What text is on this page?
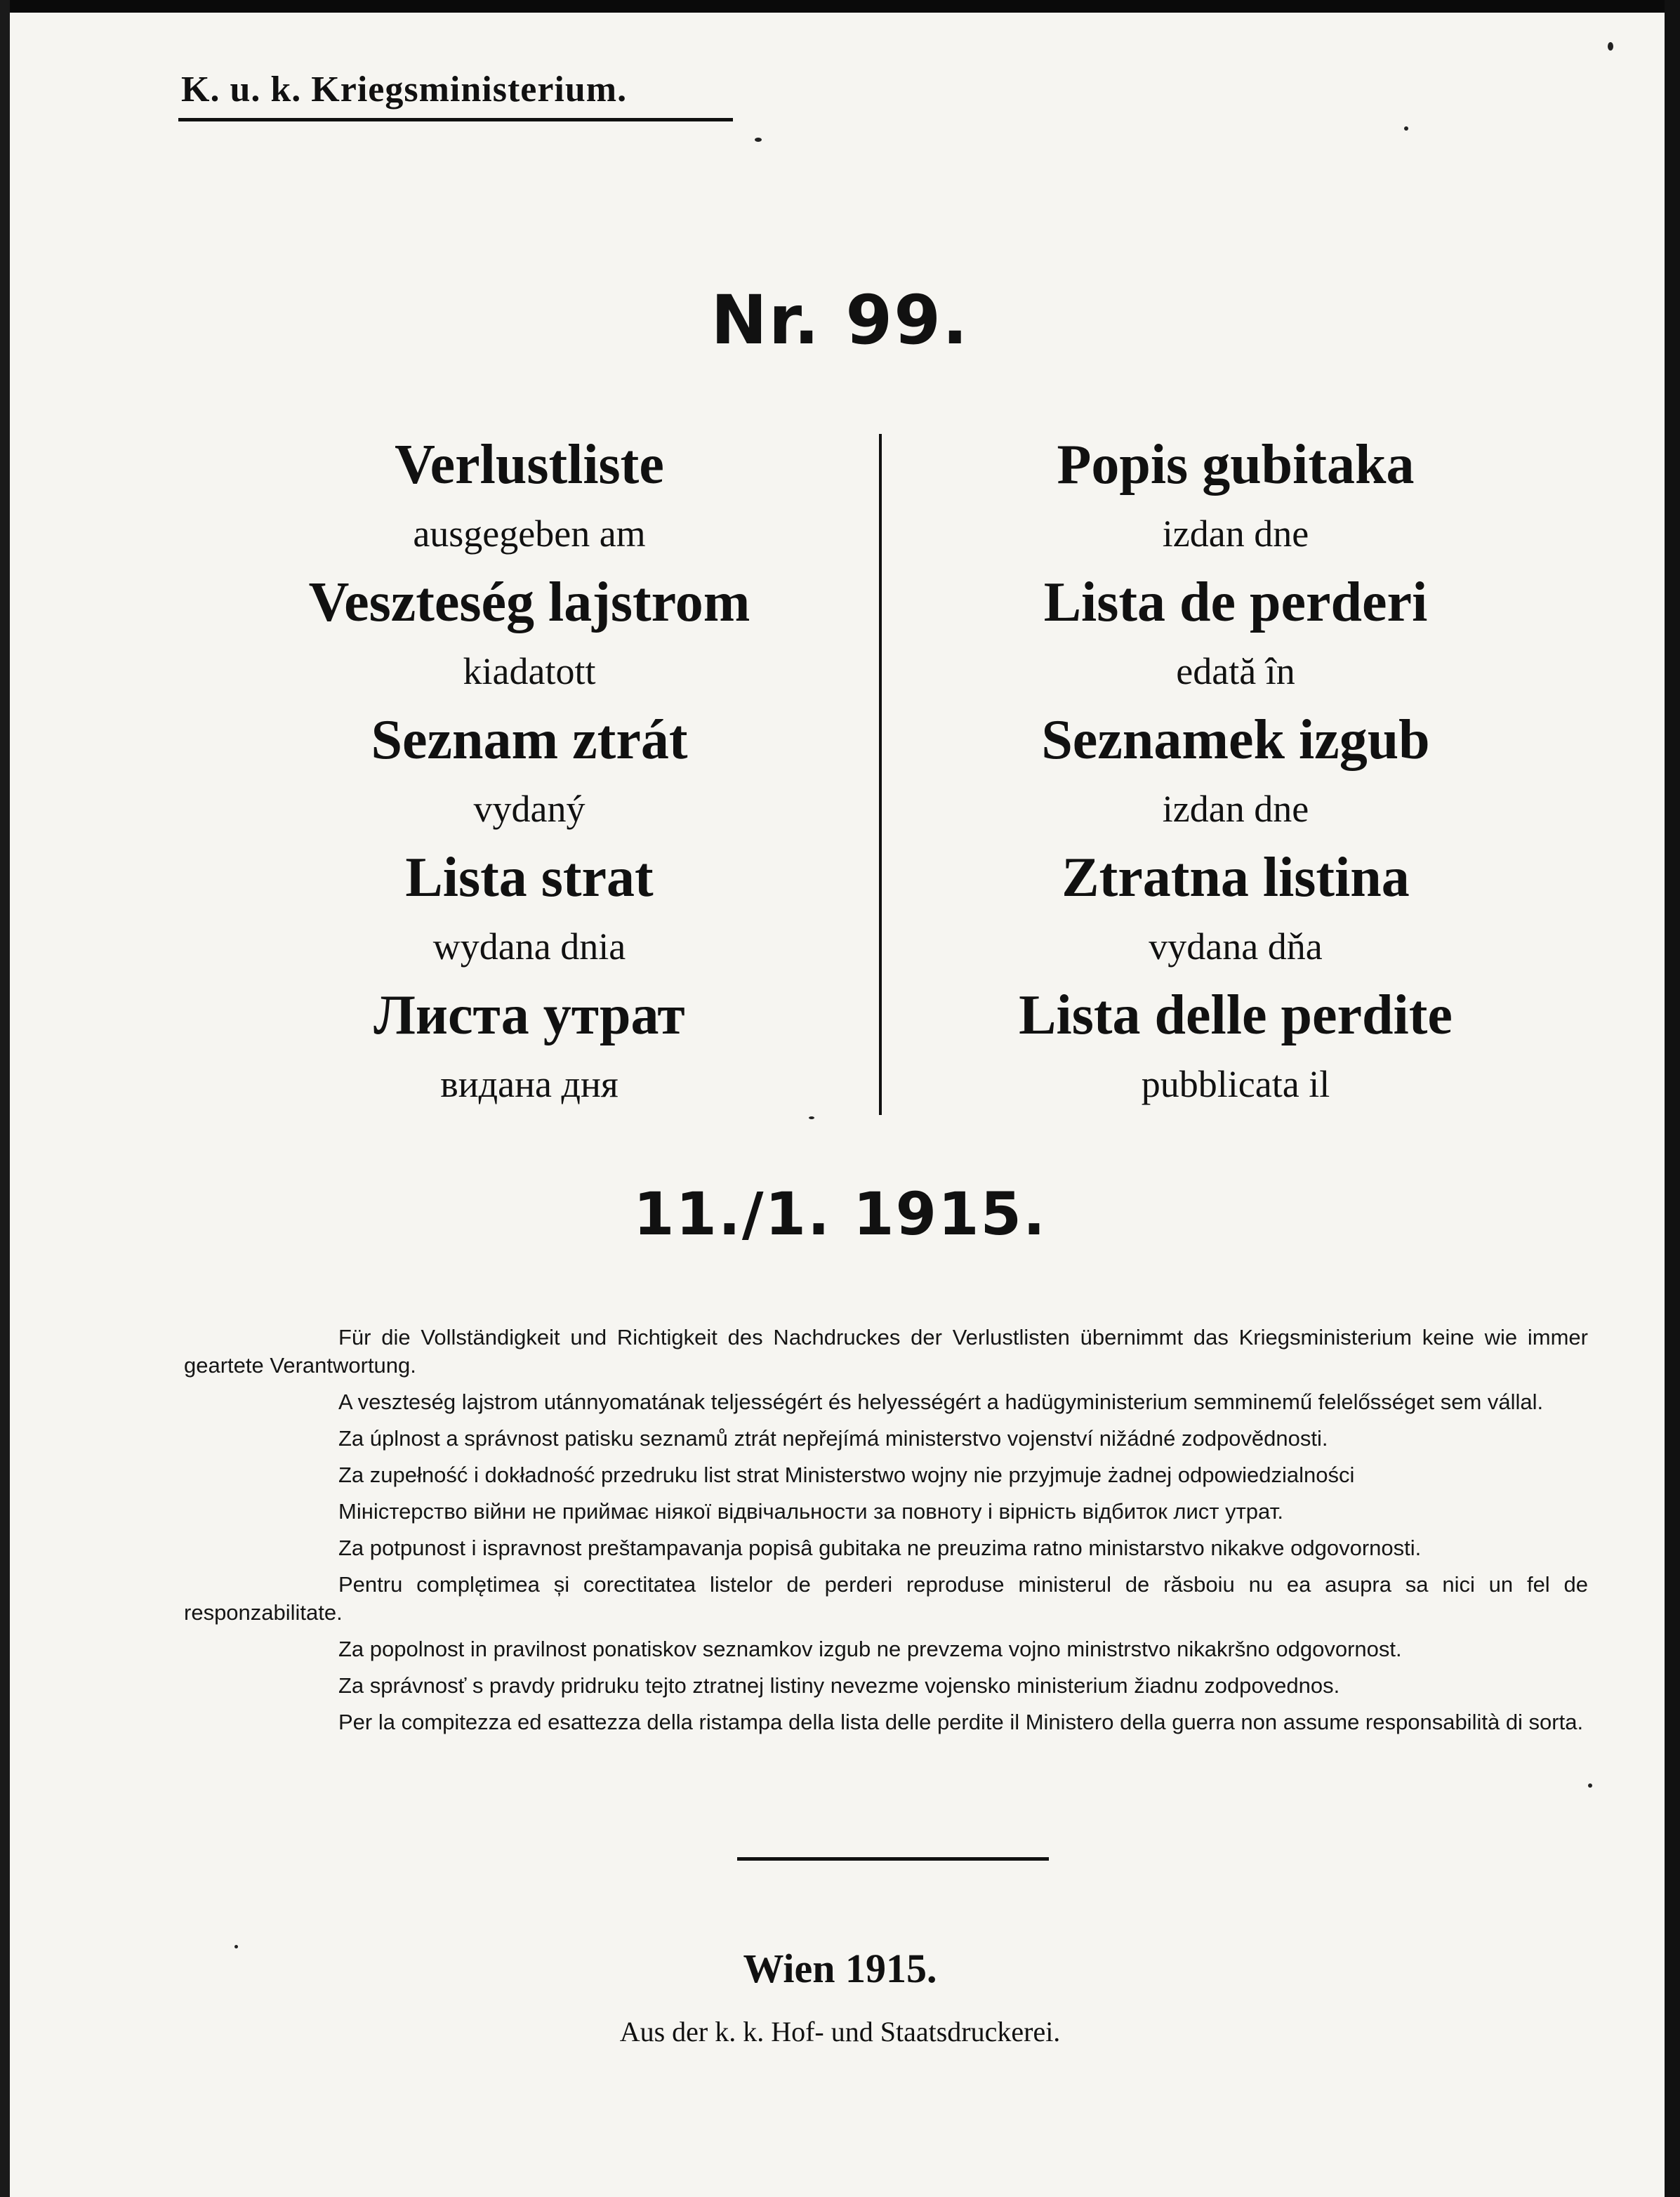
K. u. k. Kriegsministerium.
Nr. 99.
Verlustliste
ausgegeben am
Veszteség lajstrom
kiadatott
Seznam ztrát
vydaný
Lista strat
wydana dnia
Листа утрат
видана дня
Popis gubitaka
izdan dne
Lista de perderi
edată în
Seznamek izgub
izdan dne
Ztratna listina
vydana dňa
Lista delle perdite
pubblicata il
11./1. 1915.

Für die Vollständigkeit und Richtigkeit des Nachdruckes der Verlustlisten übernimmt das Kriegsministerium keine wie immer geartete Verantwortung.

A veszteség lajstrom utánnyomatának teljességért és helyességért a hadügyministerium semminemű felelősséget sem vállal.

Za úplnost a správnost patisku seznamů ztrát nepřejímá ministerstvo vojenství nižádné zodpovědnosti.

Za zupełność i dokładność przedruku list strat Ministerstwo wojny nie przyjmuje żadnej odpowiedzialności

Міністерство війни не приймає ніякої відвічальности за повноту і вірність відбиток лист утрат.

Za potpunost i ispravnost preštampavanja popisâ gubitaka ne preuzima ratno ministarstvo nikakve odgovornosti.

Pentru complętimea și corectitatea listelor de perderi reproduse ministerul de răsboiu nu ea asupra sa nici un fel de responzabilitate.

Za popolnost in pravilnost ponatiskov seznamkov izgub ne prevzema vojno ministrstvo nikakršno odgovornost.

Za správnosť s pravdy pridruku tejto ztratnej listiny nevezme vojensko ministerium žiadnu zodpovednos.

Per la compitezza ed esattezza della ristampa della lista delle perdite il Ministero della guerra non assume responsabilità di sorta.

Wien 1915.
Aus der k. k. Hof- und Staatsdruckerei.
